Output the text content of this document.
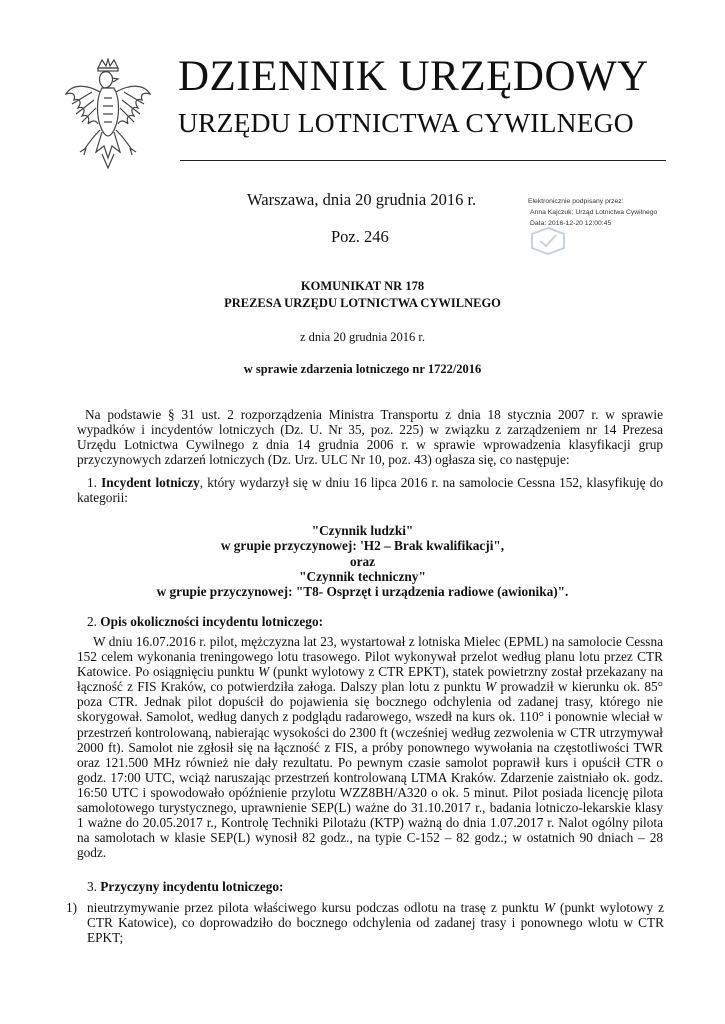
DZIENNIK URZĘDOWY
URZĘDU LOTNICTWA CYWILNEGO
Warszawa, dnia 20 grudnia 2016 r.
Poz. 246
Elektronicznie podpisany przez:
Anna Kajczuk; Urząd Lotnictwa Cywilnego
Data: 2016-12-20 12:00:45
KOMUNIKAT NR 178
PREZESA URZĘDU LOTNICTWA CYWILNEGO
z dnia 20 grudnia 2016 r.
w sprawie zdarzenia lotniczego nr 1722/2016
Na podstawie § 31 ust. 2 rozporządzenia Ministra Transportu z dnia 18 stycznia 2007 r. w sprawie wypadków i incydentów lotniczych (Dz. U. Nr 35, poz. 225) w związku z zarządzeniem nr 14 Prezesa Urzędu Lotnictwa Cywilnego z dnia 14 grudnia 2006 r. w sprawie wprowadzenia klasyfikacji grup przyczynowych zdarzeń lotniczych (Dz. Urz. ULC Nr 10, poz. 43) ogłasza się, co następuje:
1. Incydent lotniczy, który wydarzył się w dniu 16 lipca 2016 r. na samolocie Cessna 152, klasyfikuję do kategorii:
"Czynnik ludzki"
w grupie przyczynowej: 'H2 – Brak kwalifikacji",
oraz
"Czynnik techniczny"
w grupie przyczynowej: "T8- Osprzęt i urządzenia radiowe (awionika)".
2. Opis okoliczności incydentu lotniczego:
W dniu 16.07.2016 r. pilot, mężczyzna lat 23, wystartował z lotniska Mielec (EPML) na samolocie Cessna 152 celem wykonania treningowego lotu trasowego. Pilot wykonywał przelot według planu lotu przez CTR Katowice. Po osiągnięciu punktu W (punkt wylotowy z CTR EPKT), statek powietrzny został przekazany na łączność z FIS Kraków, co potwierdziła załoga. Dalszy plan lotu z punktu W prowadził w kierunku ok. 85° poza CTR. Jednak pilot dopuścił do pojawienia się bocznego odchylenia od zadanej trasy, którego nie skorygował. Samolot, według danych z podglądu radarowego, wszedł na kurs ok. 110° i ponownie wleciał w przestrzeń kontrolowaną, nabierając wysokości do 2300 ft (wcześniej według zezwolenia w CTR utrzymywał 2000 ft). Samolot nie zgłosił się na łączność z FIS, a próby ponownego wywołania na częstotliwości TWR oraz 121.500 MHz również nie dały rezultatu. Po pewnym czasie samolot poprawił kurs i opuścił CTR o godz. 17:00 UTC, wciąż naruszając przestrzeń kontrolowaną LTMA Kraków. Zdarzenie zaistniało ok. godz. 16:50 UTC i spowodowało opóźnienie przylotu WZZ8BH/A320 o ok. 5 minut. Pilot posiada licencję pilota samolotowego turystycznego, uprawnienie SEP(L) ważne do 31.10.2017 r., badania lotniczo-lekarskie klasy 1 ważne do 20.05.2017 r., Kontrolę Techniki Pilotażu (KTP) ważną do dnia 1.07.2017 r. Nalot ogólny pilota na samolotach w klasie SEP(L) wynosił 82 godz., na typie C-152 – 82 godz.; w ostatnich 90 dniach – 28 godz.
3. Przyczyny incydentu lotniczego:
1) nieutrzymywanie przez pilota właściwego kursu podczas odlotu na trasę z punktu W (punkt wylotowy z CTR Katowice), co doprowadziło do bocznego odchylenia od zadanej trasy i ponownego wlotu w CTR EPKT;
